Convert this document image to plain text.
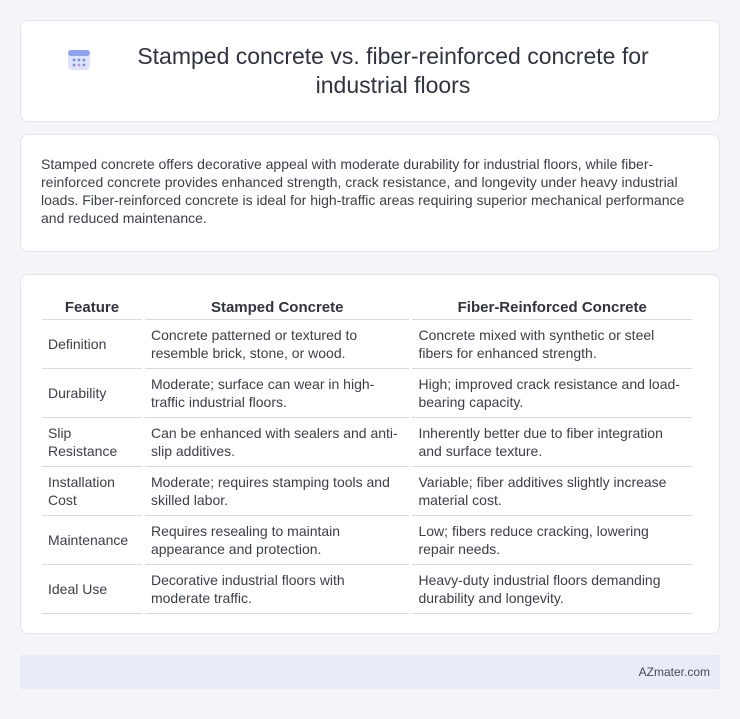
Stamped concrete vs. fiber-reinforced concrete for industrial floors

Stamped concrete offers decorative appeal with moderate durability for industrial floors, while fiber-reinforced concrete provides enhanced strength, crack resistance, and longevity under heavy industrial loads. Fiber-reinforced concrete is ideal for high-traffic areas requiring superior mechanical performance and reduced maintenance.

Feature	Stamped Concrete	Fiber-Reinforced Concrete
Definition	Concrete patterned or textured to resemble brick, stone, or wood.	Concrete mixed with synthetic or steel fibers for enhanced strength.
Durability	Moderate; surface can wear in high-traffic industrial floors.	High; improved crack resistance and load-bearing capacity.
Slip Resistance	Can be enhanced with sealers and anti-slip additives.	Inherently better due to fiber integration and surface texture.
Installation Cost	Moderate; requires stamping tools and skilled labor.	Variable; fiber additives slightly increase material cost.
Maintenance	Requires resealing to maintain appearance and protection.	Low; fibers reduce cracking, lowering repair needs.
Ideal Use	Decorative industrial floors with moderate traffic.	Heavy-duty industrial floors demanding durability and longevity.
AZmater.com
